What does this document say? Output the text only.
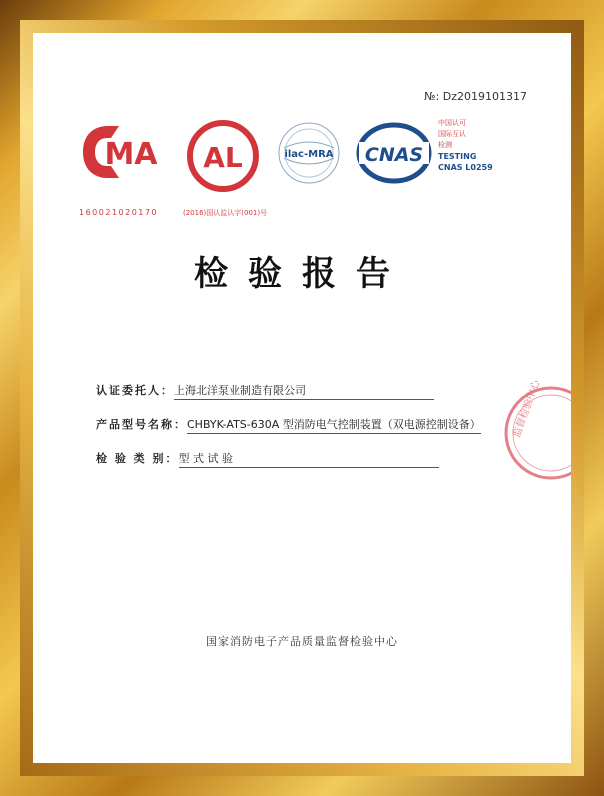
№: Dz2019101317
MA
160021020170
AL
(2016)国认监认字(001)号
ilac-MRA CNAS
中国认可
国际互认
检测
TESTING
CNAS L0259
检验报告
认证委托人：上海北洋泵业制造有限公司
产品型号名称：CHBYK-ATS-630A 型消防电气控制装置（双电源控制设备）
检 验 类 别：型 式 试 验
监督检验中心
国家消防电子产品质量监督检验中心
